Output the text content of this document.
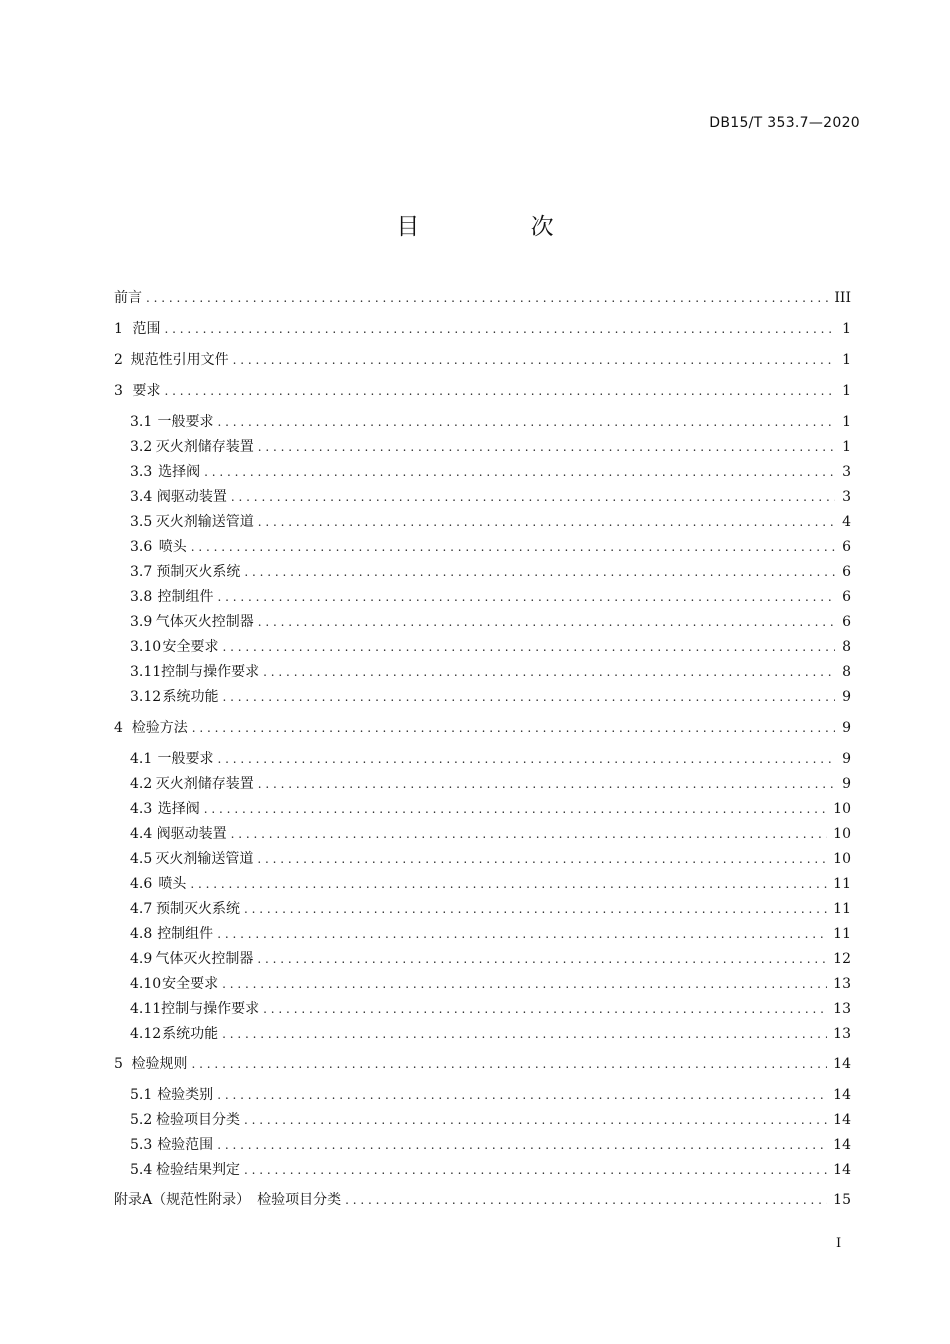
DB15/T 353.7—2020
目 次
前言 . . .	III
1 范围 . . .	1
2 规范性引用文件 . . .	1
3 要求 . . .	1
3.1 一般要求 . . .	1
3.2 灭火剂储存装置 . . .	1
3.3 选择阀 . . .	3
3.4 阀驱动装置 . . .	3
3.5 灭火剂输送管道 . . .	4
3.6 喷头 . . .	6
3.7 预制灭火系统 . . .	6
3.8 控制组件 . . .	6
3.9 气体灭火控制器 . . .	6
3.10 安全要求 . . .	8
3.11 控制与操作要求 . . .	8
3.12 系统功能 . . .	9
4 检验方法 . . .	9
4.1 一般要求 . . .	9
4.2 灭火剂储存装置 . . .	9
4.3 选择阀 . . .	10
4.4 阀驱动装置 . . .	10
4.5 灭火剂输送管道 . . .	10
4.6 喷头 . . .	11
4.7 预制灭火系统 . . .	11
4.8 控制组件 . . .	11
4.9 气体灭火控制器 . . .	12
4.10 安全要求 . . .	13
4.11 控制与操作要求 . . .	13
4.12 系统功能 . . .	13
5 检验规则 . . .	14
5.1 检验类别 . . .	14
5.2 检验项目分类 . . .	14
5.3 检验范围 . . .	14
5.4 检验结果判定 . . .	14
附录A（规范性附录）　检验项目分类 . . .	15
I
